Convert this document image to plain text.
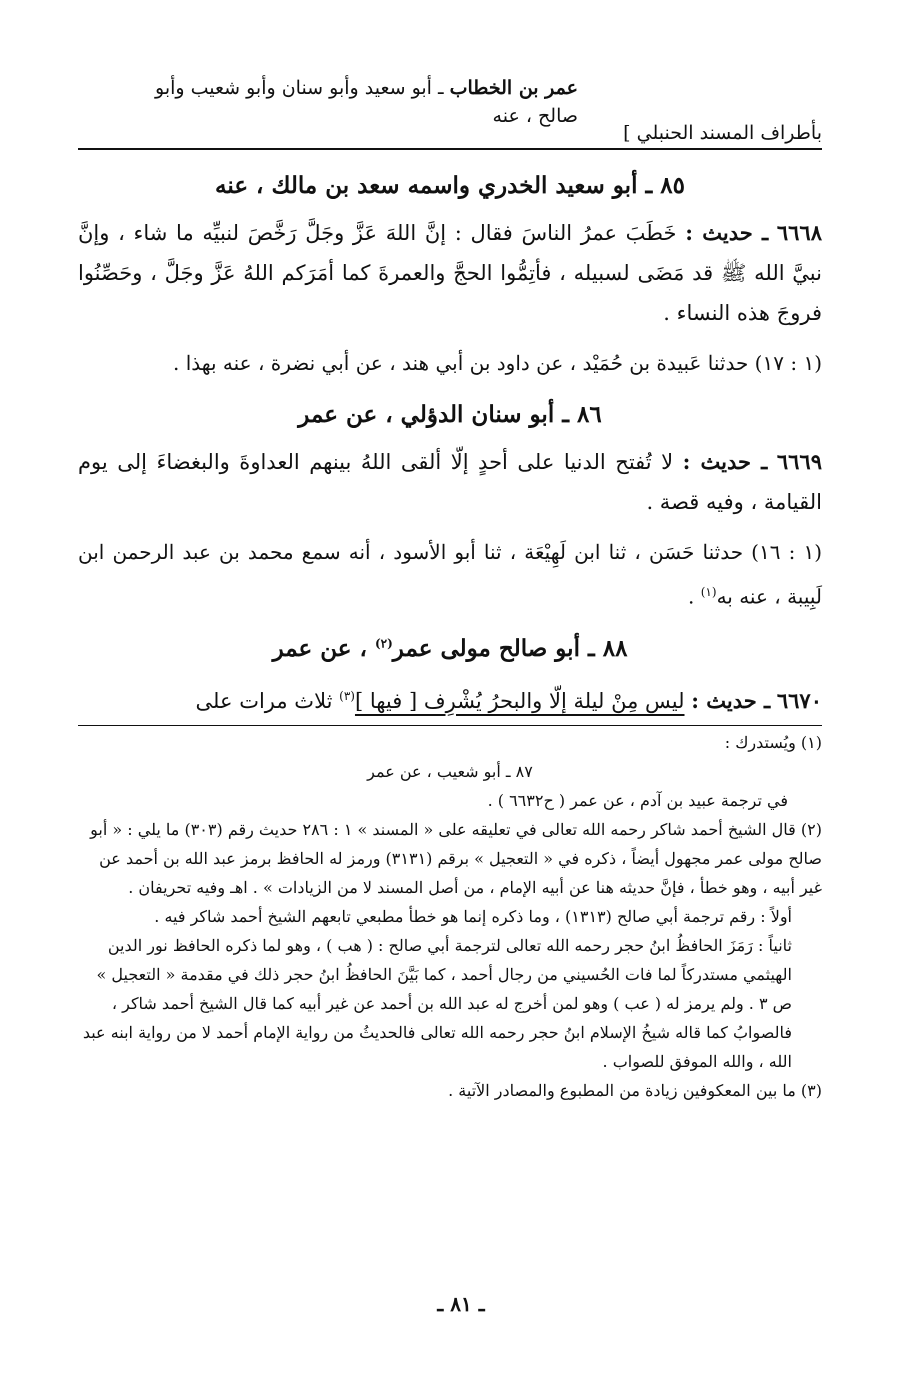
عمر بن الخطاب ـ أبو سعيد وأبو سنان وأبو شعيب وأبو
صالح ، عنه
بأطراف المسند الحنبلي ]
٨٥ ـ أبو سعيد الخدري واسمه سعد بن مالك ، عنه

٦٦٦٨ ـ حديث : خَطَبَ عمرُ الناسَ فقال : إنَّ اللهَ عَزَّ وجَلَّ رَخَّصَ لنبيِّه ما شاء ، وإنَّ نبيَّ الله ﷺ قد مَضَى لسبيله ، فأتِمُّوا الحجَّ والعمرةَ كما أمَرَكم اللهُ عَزَّ وجَلَّ ، وحَصِّنُوا فروجَ هذه النساء .

(١ : ١٧) حدثنا عَبيدة بن حُمَيْد ، عن داود بن أبي هند ، عن أبي نضرة ، عنه بهذا .

٨٦ ـ أبو سنان الدؤلي ، عن عمر

٦٦٦٩ ـ حديث : لا تُفتح الدنيا على أحدٍ إلّا ألقى اللهُ بينهم العداوةَ والبغضاءَ إلى يوم القيامة ، وفيه قصة .

(١ : ١٦) حدثنا حَسَن ، ثنا ابن لَهِيْعَة ، ثنا أبو الأسود ، أنه سمع محمد بن عبد الرحمن ابن لَبِيبة ، عنه به$^{(١)}$ .

٨٨ ـ أبو صالح مولى عمر$^{(٢)}$ ، عن عمر

٦٦٧٠ ـ حديث : ليس مِنْ ليلة إلّا والبحرُ يُشْرِف [ فيها ]$^{(٣)}$ ثلاث مرات على

(١) ويُستدرك :

٨٧ ـ أبو شعيب ، عن عمر

في ترجمة عبيد بن آدم ، عن عمر ( ح٦٦٣٢ ) .

(٢) قال الشيخ أحمد شاكر رحمه الله تعالى في تعليقه على « المسند » ١ : ٢٨٦ حديث رقم (٣٠٣) ما يلي : « أبو صالح مولى عمر مجهول أيضاً ، ذكره في « التعجيل » برقم (٣١٣١) ورمز له الحافظ برمز عبد الله بن أحمد عن غير أبيه ، وهو خطأ ، فإنَّ حديثه هنا عن أبيه الإمام ، من أصل المسند لا من الزيادات » . اهـ وفيه تحريفان .

أولاً : رقم ترجمة أبي صالح (١٣١٣) ، وما ذكره إنما هو خطأ مطبعي تابعهم الشيخ أحمد شاكر فيه .

ثانياً : رَمَزَ الحافظُ ابنُ حجر رحمه الله تعالى لترجمة أبي صالح : ( هب ) ، وهو لما ذكره الحافظ نور الدين الهيثمي مستدركاً لما فات الحُسيني من رجال أحمد ، كما بَيَّنَ الحافظُ ابنُ حجر ذلك في مقدمة « التعجيل » ص ٣ . ولم يرمز له ( عب ) وهو لمن أخرج له عبد الله بن أحمد عن غير أبيه كما قال الشيخ أحمد شاكر ، فالصوابُ كما قاله شيخُ الإسلام ابنُ حجر رحمه الله تعالى فالحديثُ من رواية الإمام أحمد لا من رواية ابنه عبد الله ، والله الموفق للصواب .

(٣) ما بين المعكوفين زيادة من المطبوع والمصادر الآتية .

ـ ٨١ ـ
